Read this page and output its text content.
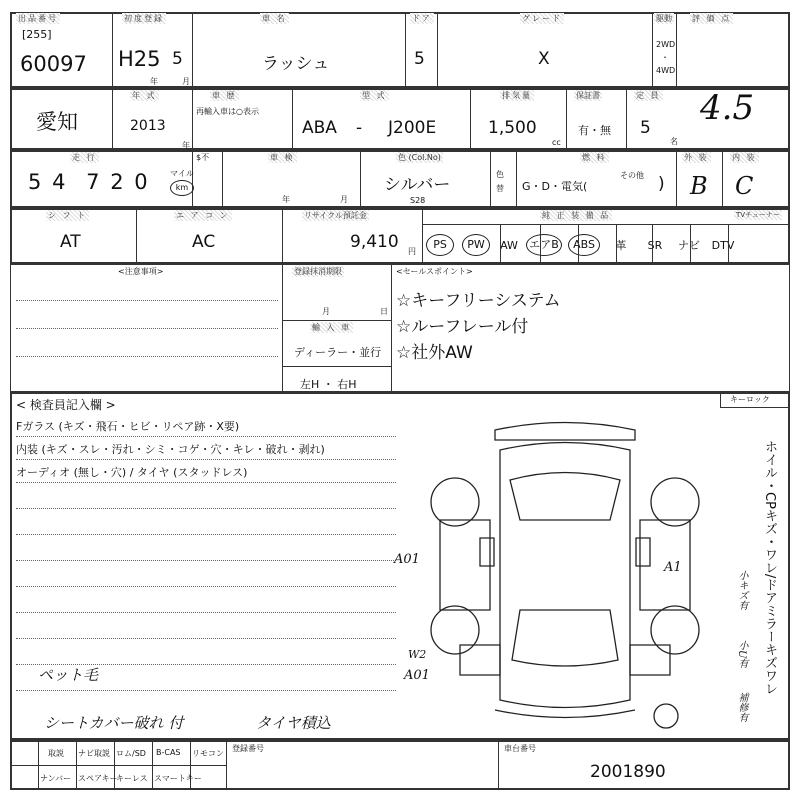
出品番号
[255]
60097
初度登録
H25 5
年	月
車 名
ラッシュ
ドア
5
グレード
X
駆動
2WD
・
4WD
評 価 点
4.5
愛知
年 式
2013
年
車 歴
再輸入車は○表示
型 式
ABA - J200E
排気量
1,500
cc
保証書
有・無
定 員
5
名
走 行
5 4 7 2 0	マイル
km
$不	車 検
年	月
色 (Col.No)
シルバー
S28
色替
燃 料
G・D・電気(
その他 )
外 装
B
内 装
C
シ フ ト
AT
エ ア コ ン
AC
リサイクル預託金
9,410 円
純 正 装 備 品	TVチューナー
PS	PW	AW	エアB	ABS	革	SR	ナビ	DTV
<注意事項>	登録抹消期限
月	日
輸 入 車
ディーラー・並行
左H ・ 右H
<セールスポイント>
☆キーフリーシステム
☆ルーフレール付
☆社外AW
< 検査員記入欄 >
Fガラス (キズ・飛石・ヒビ・リペア跡・X要)
内装 (キズ・スレ・汚れ・シミ・コゲ・穴・キレ・破れ・剥れ)
オーディオ (無し・穴) / タイヤ (スタッドレス)
ペット毛
シートカバー破れ 付	タイヤ積込
A01
A1
W2
A01
キーロック
ホイル・CPキズ・ワレ/ドアミラーキズワレ
小キズ有
小U有
補修有
取説 ナビ取説 ロム/SD B-CAS リモコン
ナンバー スペアキー
キーレス スマートキー
登録番号	車台番号
2001890
